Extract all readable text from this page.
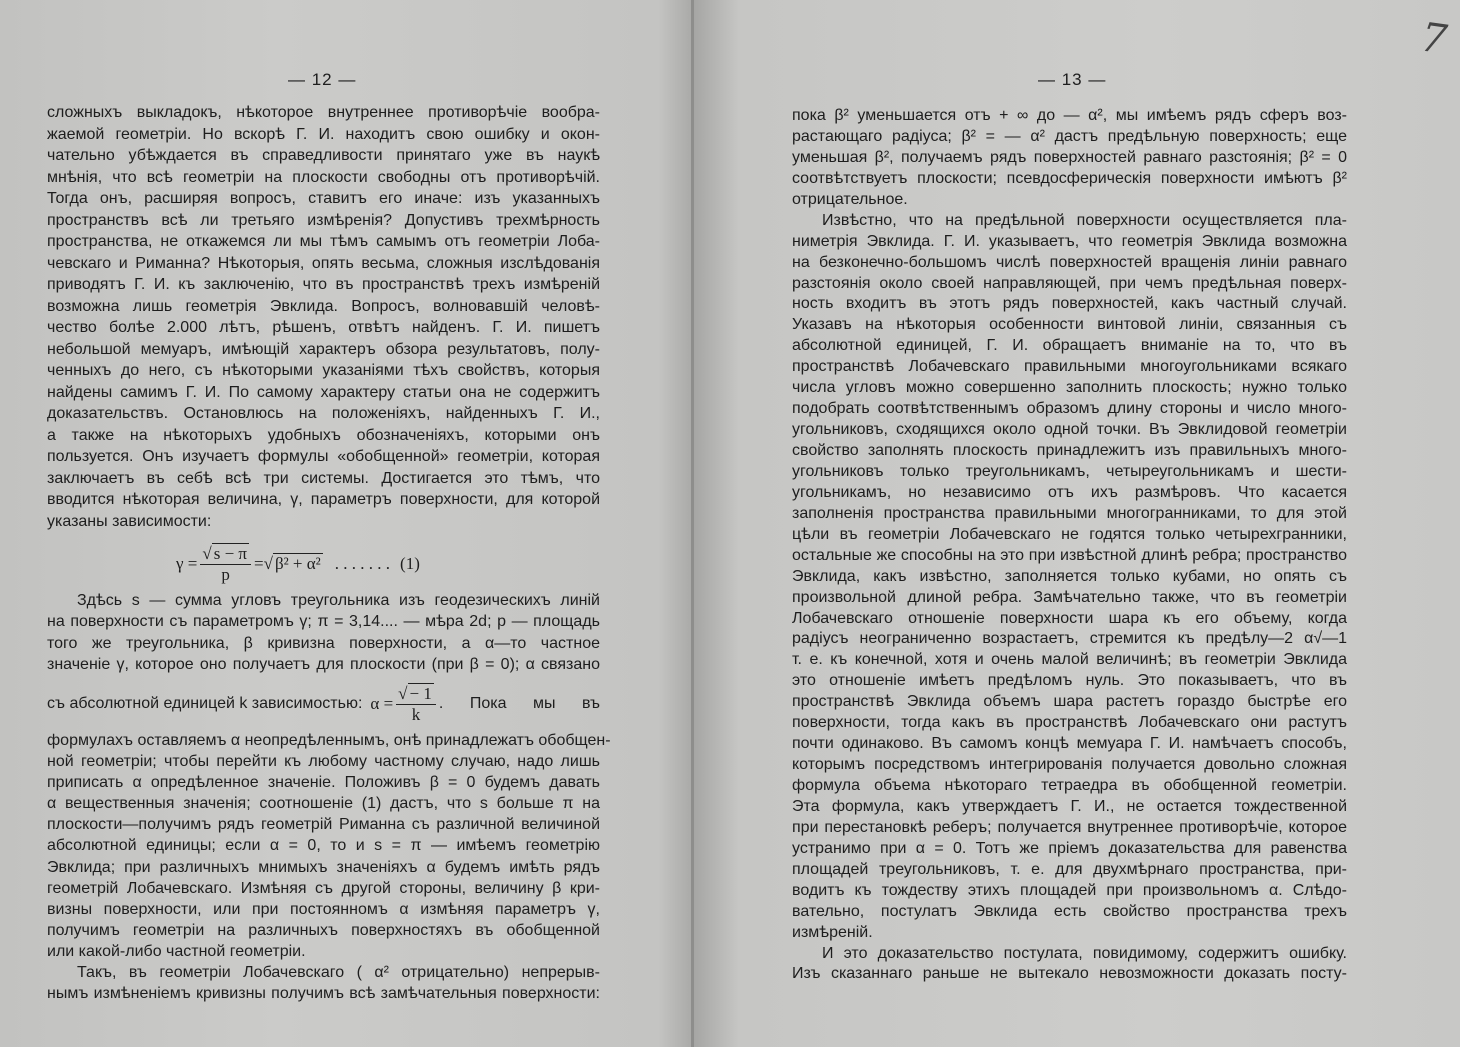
— 12 —
сложныхъ выкладокъ, нѣкоторое внутреннее противорѣчіе вообра-
жаемой геометріи. Но вскорѣ Г. И. находитъ свою ошибку и окон-
чательно убѣждается въ справедливости принятаго уже въ наукѣ
мнѣнія, что всѣ геометріи на плоскости свободны отъ противорѣчій.
Тогда онъ, расширяя вопросъ, ставитъ его иначе: изъ указанныхъ
пространствъ всѣ ли третьяго измѣренія? Допустивъ трехмѣрность
пространства, не откажемся ли мы тѣмъ самымъ отъ геометріи Лоба-
чевскаго и Риманна? Нѣкоторыя, опять весьма, сложныя изслѣдованія
приводятъ Г. И. къ заключенію, что въ пространствѣ трехъ измѣреній
возможна лишь геометрія Эвклида. Вопросъ, волновавшій человѣ-
чество болѣе 2.000 лѣтъ, рѣшенъ, отвѣтъ найденъ. Г. И. пишетъ
небольшой мемуаръ, имѣющій характеръ обзора результатовъ, полу-
ченныхъ до него, съ нѣкоторыми указаніями тѣхъ свойствъ, которыя
найдены самимъ Г. И. По самому характеру статьи она не содержитъ
доказательствъ. Остановлюсь на положеніяхъ, найденныхъ Г. И.,
а также на нѣкоторыхъ удобныхъ обозначеніяхъ, которыми онъ
пользуется. Онъ изучаетъ формулы «обобщенной» геометріи, которая
заключаетъ въ себѣ всѣ три системы. Достигается это тѣмъ, что
вводится нѣкоторая величина, γ, параметръ поверхности, для которой
указаны зависимости:
$\gamma = \frac{√ s - \pi}{p}$ = √ β² + α² . . . . . . . (1)
Здѣсь s — сумма угловъ треугольника изъ геодезическихъ линій
на поверхности съ параметромъ γ; π = 3,14.... — мѣра 2d; p — площадь
того же треугольника, β кривизна поверхности, а α—то частное
значеніе γ, которое оно получаетъ для плоскости (при β = 0); α связано
съ абсолютной единицей k зависимостью: $\alpha = \frac{√ - 1}{k}$ . Пока мы въ
формулахъ оставляемъ α неопредѣленнымъ, онѣ принадлежатъ обобщен-
ной геометріи; чтобы перейти къ любому частному случаю, надо лишь
приписать α опредѣленное значеніе. Положивъ β = 0 будемъ давать
α вещественныя значенія; соотношеніе (1) дастъ, что s больше π на
плоскости—получимъ рядъ геометрій Риманна съ различной величиной
абсолютной единицы; если α = 0, то и s = π — имѣемъ геометрію
Эвклида; при различныхъ мнимыхъ значеніяхъ α будемъ имѣть рядъ
геометрій Лобачевскаго. Измѣняя съ другой стороны, величину β кри-
визны поверхности, или при постоянномъ α измѣняя параметръ γ,
получимъ геометріи на различныхъ поверхностяхъ въ обобщенной
или какой-либо частной геометріи.
Такъ, въ геометріи Лобачевскаго ( α² отрицательно) непрерыв-
нымъ измѣненіемъ кривизны получимъ всѣ замѣчательныя поверхности:
— 13 —
7
пока β² уменьшается отъ + ∞ до — α², мы имѣемъ рядъ сферъ воз-
растающаго радіуса; β² = — α² дастъ предѣльную поверхность; еще
уменьшая β², получаемъ рядъ поверхностей равнаго разстоянія; β² = 0
соотвѣтствуетъ плоскости; псевдосферическія поверхности имѣютъ β²
отрицательное.
Извѣстно, что на предѣльной поверхности осуществляется пла-
ниметрія Эвклида. Г. И. указываетъ, что геометрія Эвклида возможна
на безконечно-большомъ числѣ поверхностей вращенія линіи равнаго
разстоянія около своей направляющей, при чемъ предѣльная поверх-
ность входитъ въ этотъ рядъ поверхностей, какъ частный случай.
Указавъ на нѣкоторыя особенности винтовой линіи, связанныя съ
абсолютной единицей, Г. И. обращаетъ вниманіе на то, что въ
пространствѣ Лобачевскаго правильными многоугольниками всякаго
числа угловъ можно совершенно заполнить плоскость; нужно только
подобрать соотвѣтственнымъ образомъ длину стороны и число много-
угольниковъ, сходящихся около одной точки. Въ Эвклидовой геометріи
свойство заполнять плоскость принадлежитъ изъ правильныхъ много-
угольниковъ только треугольникамъ, четыреугольникамъ и шести-
угольникамъ, но независимо отъ ихъ размѣровъ. Что касается
заполненія пространства правильными многогранниками, то для этой
цѣли въ геометріи Лобачевскаго не годятся только четырехгранники,
остальные же способны на это при извѣстной длинѣ ребра; пространство
Эвклида, какъ извѣстно, заполняется только кубами, но опять съ
произвольной длиной ребра. Замѣчательно также, что въ геометріи
Лобачевскаго отношеніе поверхности шара къ его объему, когда
радіусъ неограниченно возрастаетъ, стремится къ предѣлу—2 α√—1
т. е. къ конечной, хотя и очень малой величинѣ; въ геометріи Эвклида
это отношеніе имѣетъ предѣломъ нуль. Это показываетъ, что въ
пространствѣ Эвклида объемъ шара растетъ гораздо быстрѣе его
поверхности, тогда какъ въ пространствѣ Лобачевскаго они растутъ
почти одинаково. Въ самомъ концѣ мемуара Г. И. намѣчаетъ способъ,
которымъ посредствомъ интегрированія получается довольно сложная
формула объема нѣкотораго тетраедра въ обобщенной геометріи.
Эта формула, какъ утверждаетъ Г. И., не остается тождественной
при перестановкѣ реберъ; получается внутреннее противорѣчіе, которое
устранимо при α = 0. Тотъ же пріемъ доказательства для равенства
площадей треугольниковъ, т. е. для двухмѣрнаго пространства, при-
водитъ къ тождеству этихъ площадей при произвольномъ α. Слѣдо-
вательно, постулатъ Эвклида есть свойство пространства трехъ
измѣреній.
И это доказательство постулата, повидимому, содержитъ ошибку.
Изъ сказаннаго раньше не вытекало невозможности доказать посту-
